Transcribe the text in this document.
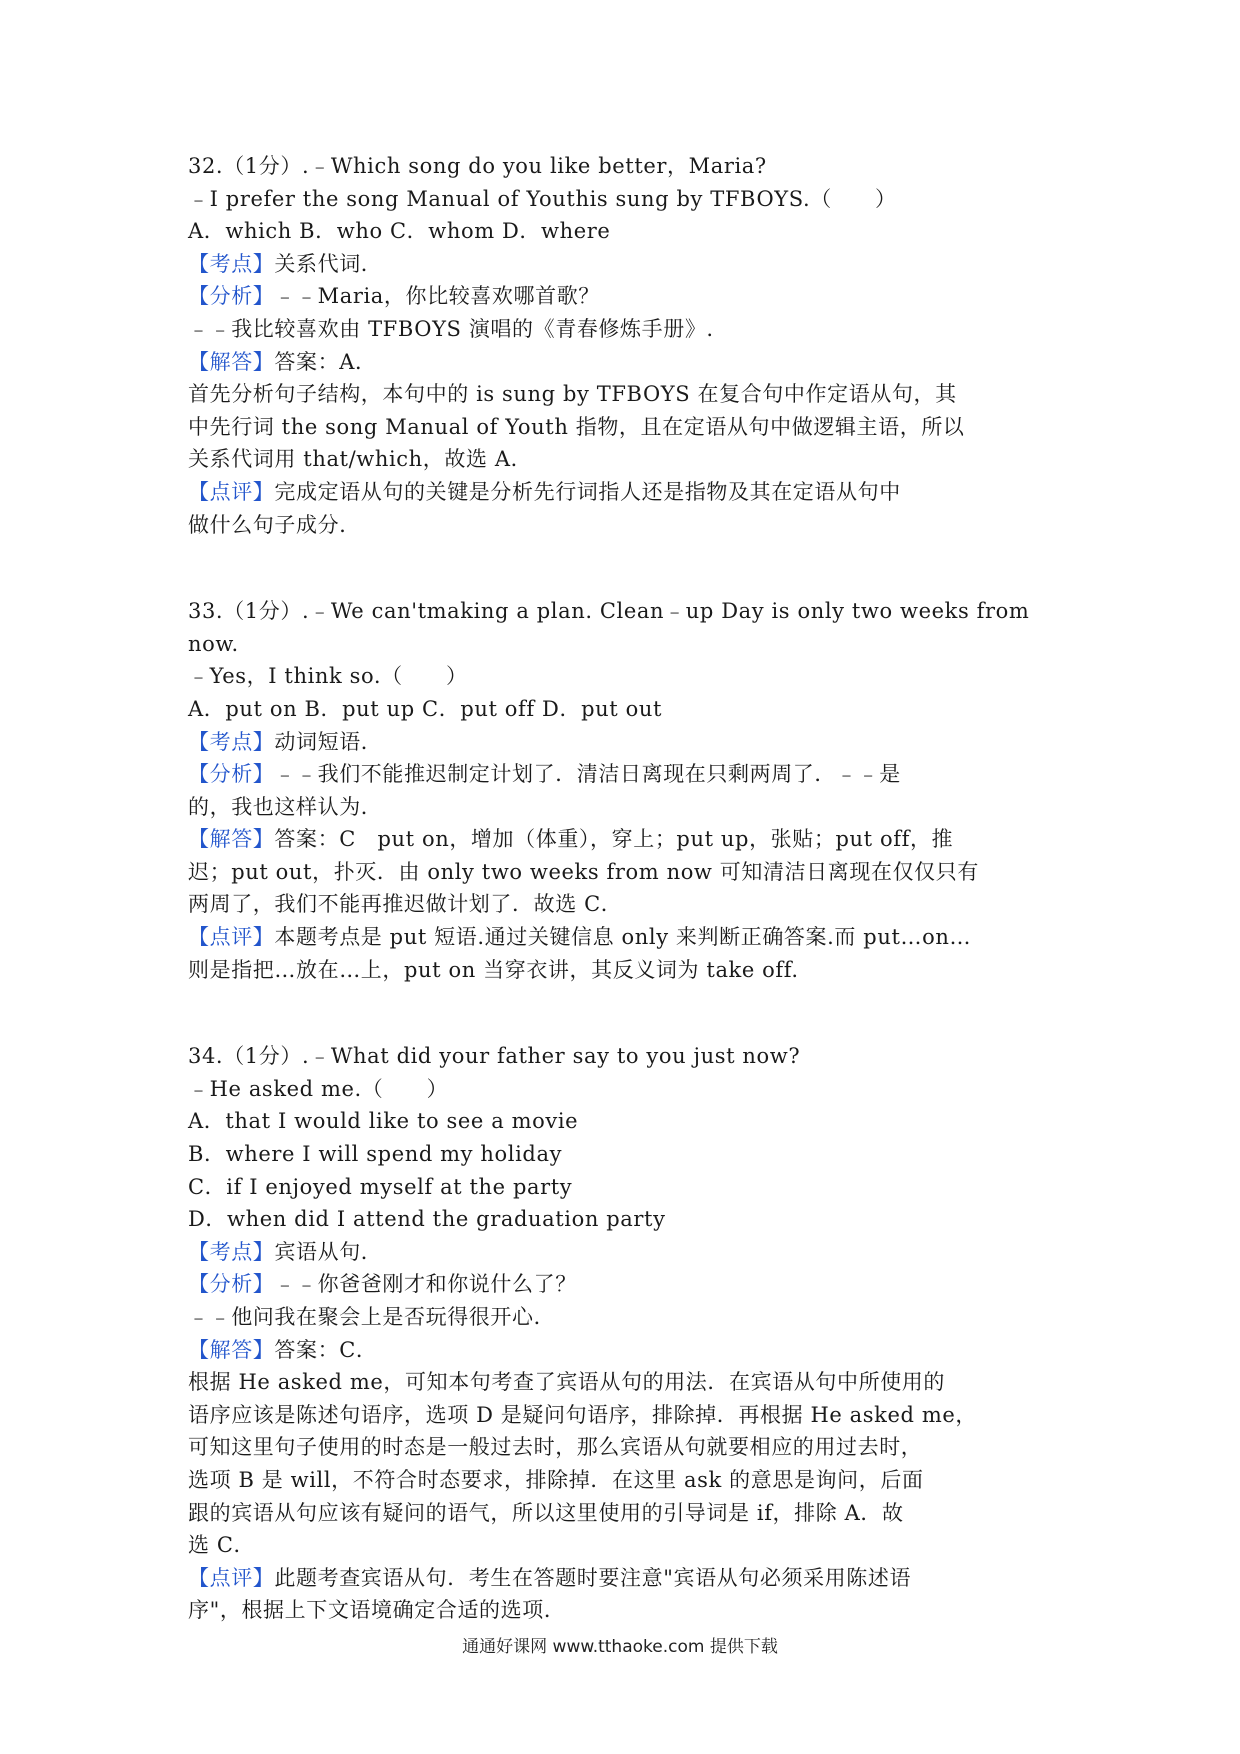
32.（1分）.﹣Which song do you like better，Maria?
﹣I prefer the song Manual of Youthis sung by TFBOYS.（　　）
A．which B．who C．whom D．where
【考点】关系代词．
【分析】﹣﹣Maria，你比较喜欢哪首歌？
﹣﹣我比较喜欢由 TFBOYS 演唱的《青春修炼手册》.
【解答】答案：A．
首先分析句子结构，本句中的 is sung by TFBOYS 在复合句中作定语从句，其
中先行词 the song Manual of Youth 指物，且在定语从句中做逻辑主语，所以
关系代词用 that/which，故选 A．
【点评】完成定语从句的关键是分析先行词指人还是指物及其在定语从句中
做什么句子成分．
33.（1分）.﹣We can'tmaking a plan. Clean﹣up Day is only two weeks from
now.
﹣Yes，I think so.（　　）
A．put on B．put up C．put off D．put out
【考点】动词短语．
【分析】﹣﹣我们不能推迟制定计划了．清洁日离现在只剩两周了．﹣﹣是
的，我也这样认为．
【解答】答案：C　put on，增加（体重），穿上；put up，张贴；put off，推
迟；put out，扑灭．由 only two weeks from now 可知清洁日离现在仅仅只有
两周了，我们不能再推迟做计划了．故选 C．
【点评】本题考点是 put 短语.通过关键信息 only 来判断正确答案.而 put…on…
则是指把…放在…上，put on 当穿衣讲，其反义词为 take off.
34.（1分）.﹣What did your father say to you just now?
﹣He asked me.（　　）
A．that I would like to see a movie
B．where I will spend my holiday
C．if I enjoyed myself at the party
D．when did I attend the graduation party
【考点】宾语从句．
【分析】﹣﹣你爸爸刚才和你说什么了？
﹣﹣他问我在聚会上是否玩得很开心．
【解答】答案：C．
根据 He asked me，可知本句考查了宾语从句的用法．在宾语从句中所使用的
语序应该是陈述句语序，选项 D 是疑问句语序，排除掉．再根据 He asked me，
可知这里句子使用的时态是一般过去时，那么宾语从句就要相应的用过去时，
选项 B 是 will，不符合时态要求，排除掉．在这里 ask 的意思是询问，后面
跟的宾语从句应该有疑问的语气，所以这里使用的引导词是 if，排除 A．故
选 C．
【点评】此题考查宾语从句．考生在答题时要注意"宾语从句必须采用陈述语
序"，根据上下文语境确定合适的选项．
通通好课网 www.tthaoke.com 提供下载
